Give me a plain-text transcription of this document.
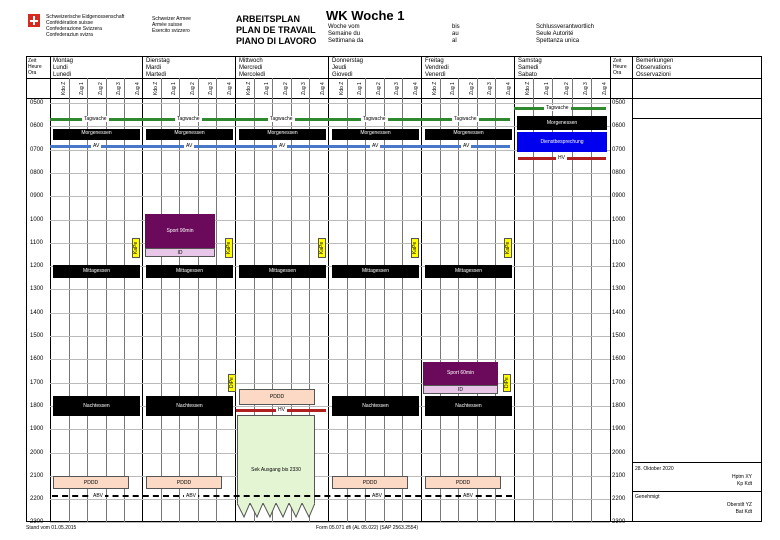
Schweizerische Eidgenossenschaft
Confédération suisse
Confederazione Svizzera
Confederaziun svizra
Schweizer Armee
Armée suisse
Esercito svizzero
ARBEITSPLAN
PLAN DE TRAVAIL
PIANO DI LAVORO
WK Woche 1
Woche vom
Semaine du
Settimana da
bis
au
al
Schlussverantwortlich
Seule Autorité
Spettanza unica
Zeit
Heure
Ora
Montag
Lundi
Lunedì
Dienstag
Mardi
Martedì
Mittwoch
Mercredi
Mercoledì
Donnerstag
Jeudi
Giovedì
Freitag
Vendredi
Venerdì
Samstag
Samedi
Sabato
Zeit
Heure
Ora
Bemerkungen
Observations
Osservazioni
Kdo Z	Zug 1	Zug 2	Zug 3	Zug 4 Kdo Z	Zug 1	Zug 2	Zug 3	Zug 4	Kdo Z	Zug 1	Zug 2	Zug 3	Zug 4	Kdo Z	Zug 1	Zug 2	Zug 3	Zug 4	Kdo Z	Zug 1	Zug 2	Zug 3	Zug 4	Kdo Z	Zug 1	Zug 2	Zug 3	Zug 4
0500	0500
0600	0600
0700	0700
0800	0800
0900	0900
1000	1000
1100	1100
1200	1200
1300	1300
1400	1400
1500	1500
1600	1600
1700	1700
1800	1800
1900	1900
2000	2000
2100	2100
2200	2200
2300	2300
28. Oktober 2020
Hptm XY
Kp Kdt
Genehmigt
Oberstlt YZ
Bat Kdt
Tagwache	Tagwache	Tagwache	Tagwache	Tagwache
Tagwache
Morgenessen	Morgenessen	Morgenessen	Morgenessen	Morgenessen
Morgenessen
Dienstbesprechung
HV
AV	AV	AV	AV	AV
Sport 90min
ID
KaPe	KaPe	KaPe	KaPe	KaPe
Mittagessen	Mittagessen	Mittagessen	Mittagessen	Mittagessen
Sport 60min
ID
DiPe	DiPe
Nachtessen	Nachtessen	Nachtessen	Nachtessen
PDDD
HV
Sek Ausgang bis 2330
PDDD	PDDD	PDDD	PDDD
ABV	ABV	ABV	ABV
Stand vom 01.05.2015	Form 05.071 dfi (AL 05.022) (SAP 2563.2554)
